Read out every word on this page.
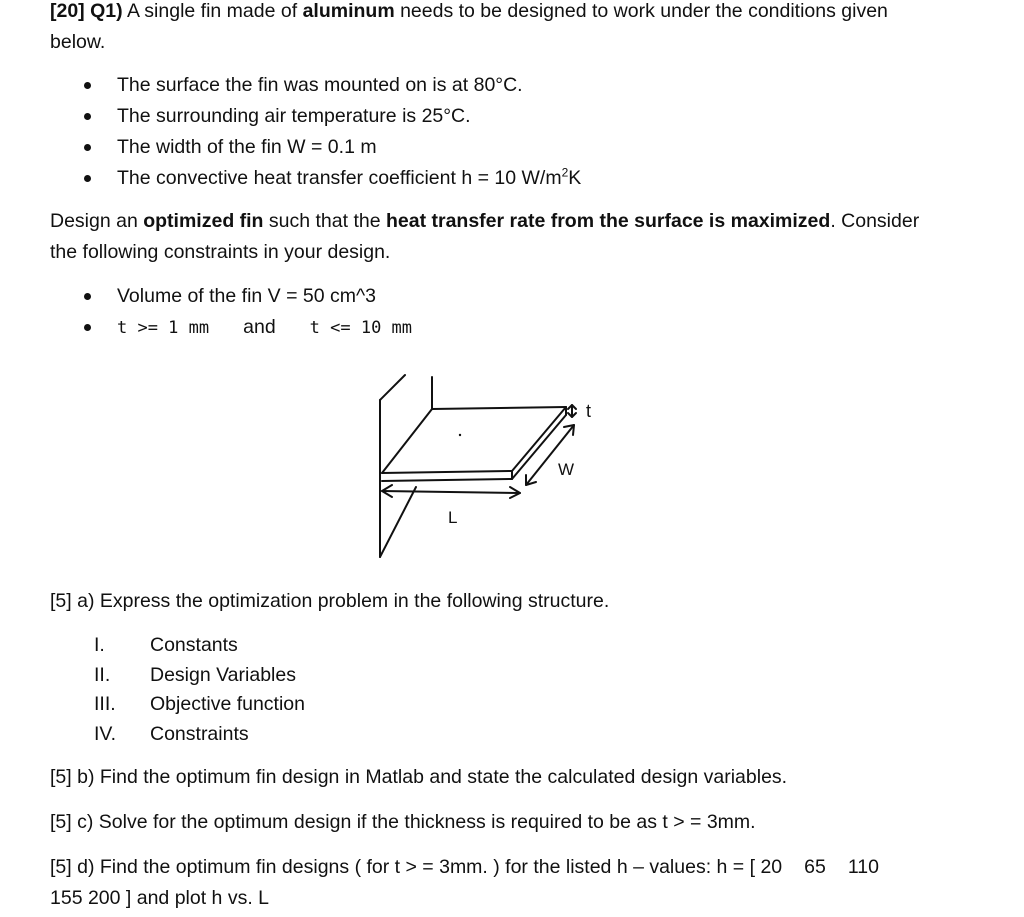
[20] Q1) A single fin made of aluminum needs to be designed to work under the conditions given
below.

The surface the fin was mounted on is at 80°C.
The surrounding air temperature is 25°C.
The width of the fin W = 0.1 m
The convective heat transfer coefficient h = 10 $W/m^2K$

Design an optimized fin such that the heat transfer rate from the surface is maximized. Consider
the following constraints in your design.

Volume of the fin V = 50 cm^3
t >= 1 mm and t <= 10 mm
t
W
L

[5] a) Express the optimization problem in the following structure.

I. Constants
II. Design Variables
III. Objective function
IV. Constraints

[5] b) Find the optimum fin design in Matlab and state the calculated design variables.

[5] c) Solve for the optimum design if the thickness is required to be as t > = 3mm.

[5] d) Find the optimum fin designs ( for t > = 3mm. ) for the listed h – values: h = [ 20 65 110
155 200 ] and plot h vs. L
